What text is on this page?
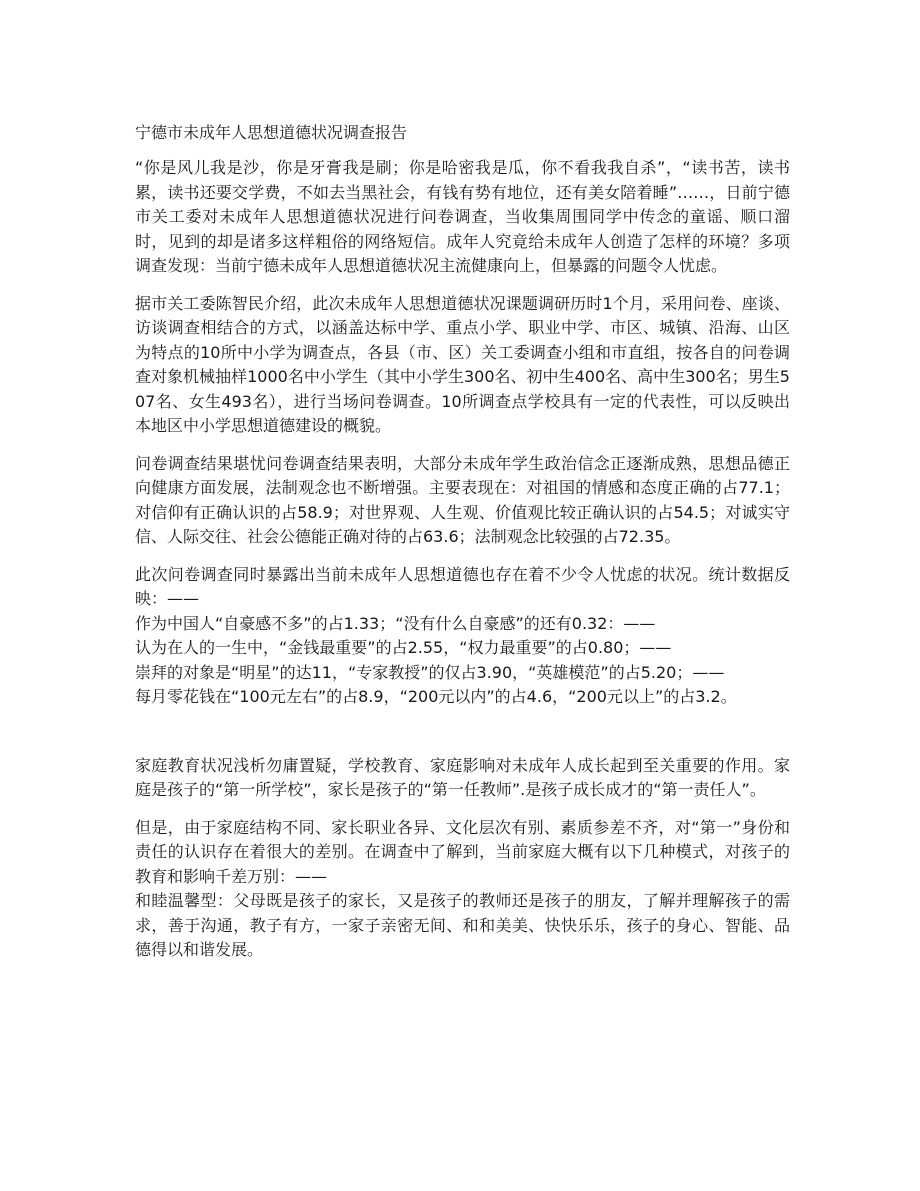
宁德市未成年人思想道德状况调查报告

“你是风儿我是沙，你是牙膏我是刷；你是哈密我是瓜，你不看我我自杀”，“读书苦，读书累，读书还要交学费，不如去当黑社会，有钱有势有地位，还有美女陪着睡”……，日前宁德市关工委对未成年人思想道德状况进行问卷调查，当收集周围同学中传念的童谣、顺口溜时，见到的却是诸多这样粗俗的网络短信。成年人究竟给未成年人创造了怎样的环境？多项调查发现：当前宁德未成年人思想道德状况主流健康向上，但暴露的问题令人忧虑。

据市关工委陈智民介绍，此次未成年人思想道德状况课题调研历时1个月，采用问卷、座谈、访谈调查相结合的方式，以涵盖达标中学、重点小学、职业中学、市区、城镇、沿海、山区为特点的10所中小学为调查点，各县（市、区）关工委调查小组和市直组，按各自的问卷调查对象机械抽样1000名中小学生（其中小学生300名、初中生400名、高中生300名；男生507名、女生493名），进行当场问卷调查。10所调查点学校具有一定的代表性，可以反映出本地区中小学思想道德建设的概貌。

问卷调查结果堪忧问卷调查结果表明，大部分未成年学生政治信念正逐渐成熟，思想品德正向健康方面发展，法制观念也不断增强。主要表现在：对祖国的情感和态度正确的占77.1；对信仰有正确认识的占58.9；对世界观、人生观、价值观比较正确认识的占54.5；对诚实守信、人际交往、社会公德能正确对待的占63.6；法制观念比较强的占72.35。

此次问卷调查同时暴露出当前未成年人思想道德也存在着不少令人忧虑的状况。统计数据反映：——

作为中国人“自豪感不多”的占1.33；“没有什么自豪感”的还有0.32：——

认为在人的一生中，“金钱最重要”的占2.55，“权力最重要”的占0.80；——

崇拜的对象是“明星”的达11，“专家教授”的仅占3.90，“英雄模范”的占5.20；——

每月零花钱在“100元左右”的占8.9，“200元以内”的占4.6，“200元以上”的占3.2。

家庭教育状况浅析勿庸置疑，学校教育、家庭影响对未成年人成长起到至关重要的作用。家庭是孩子的“第一所学校”，家长是孩子的“第一任教师”.是孩子成长成才的“第一责任人”。

但是，由于家庭结构不同、家长职业各异、文化层次有别、素质参差不齐，对“第一”身份和责任的认识存在着很大的差别。在调查中了解到，当前家庭大概有以下几种模式，对孩子的教育和影响千差万别：——

和睦温馨型：父母既是孩子的家长，又是孩子的教师还是孩子的朋友，了解并理解孩子的需求，善于沟通，教子有方，一家子亲密无间、和和美美、快快乐乐，孩子的身心、智能、品德得以和谐发展。
